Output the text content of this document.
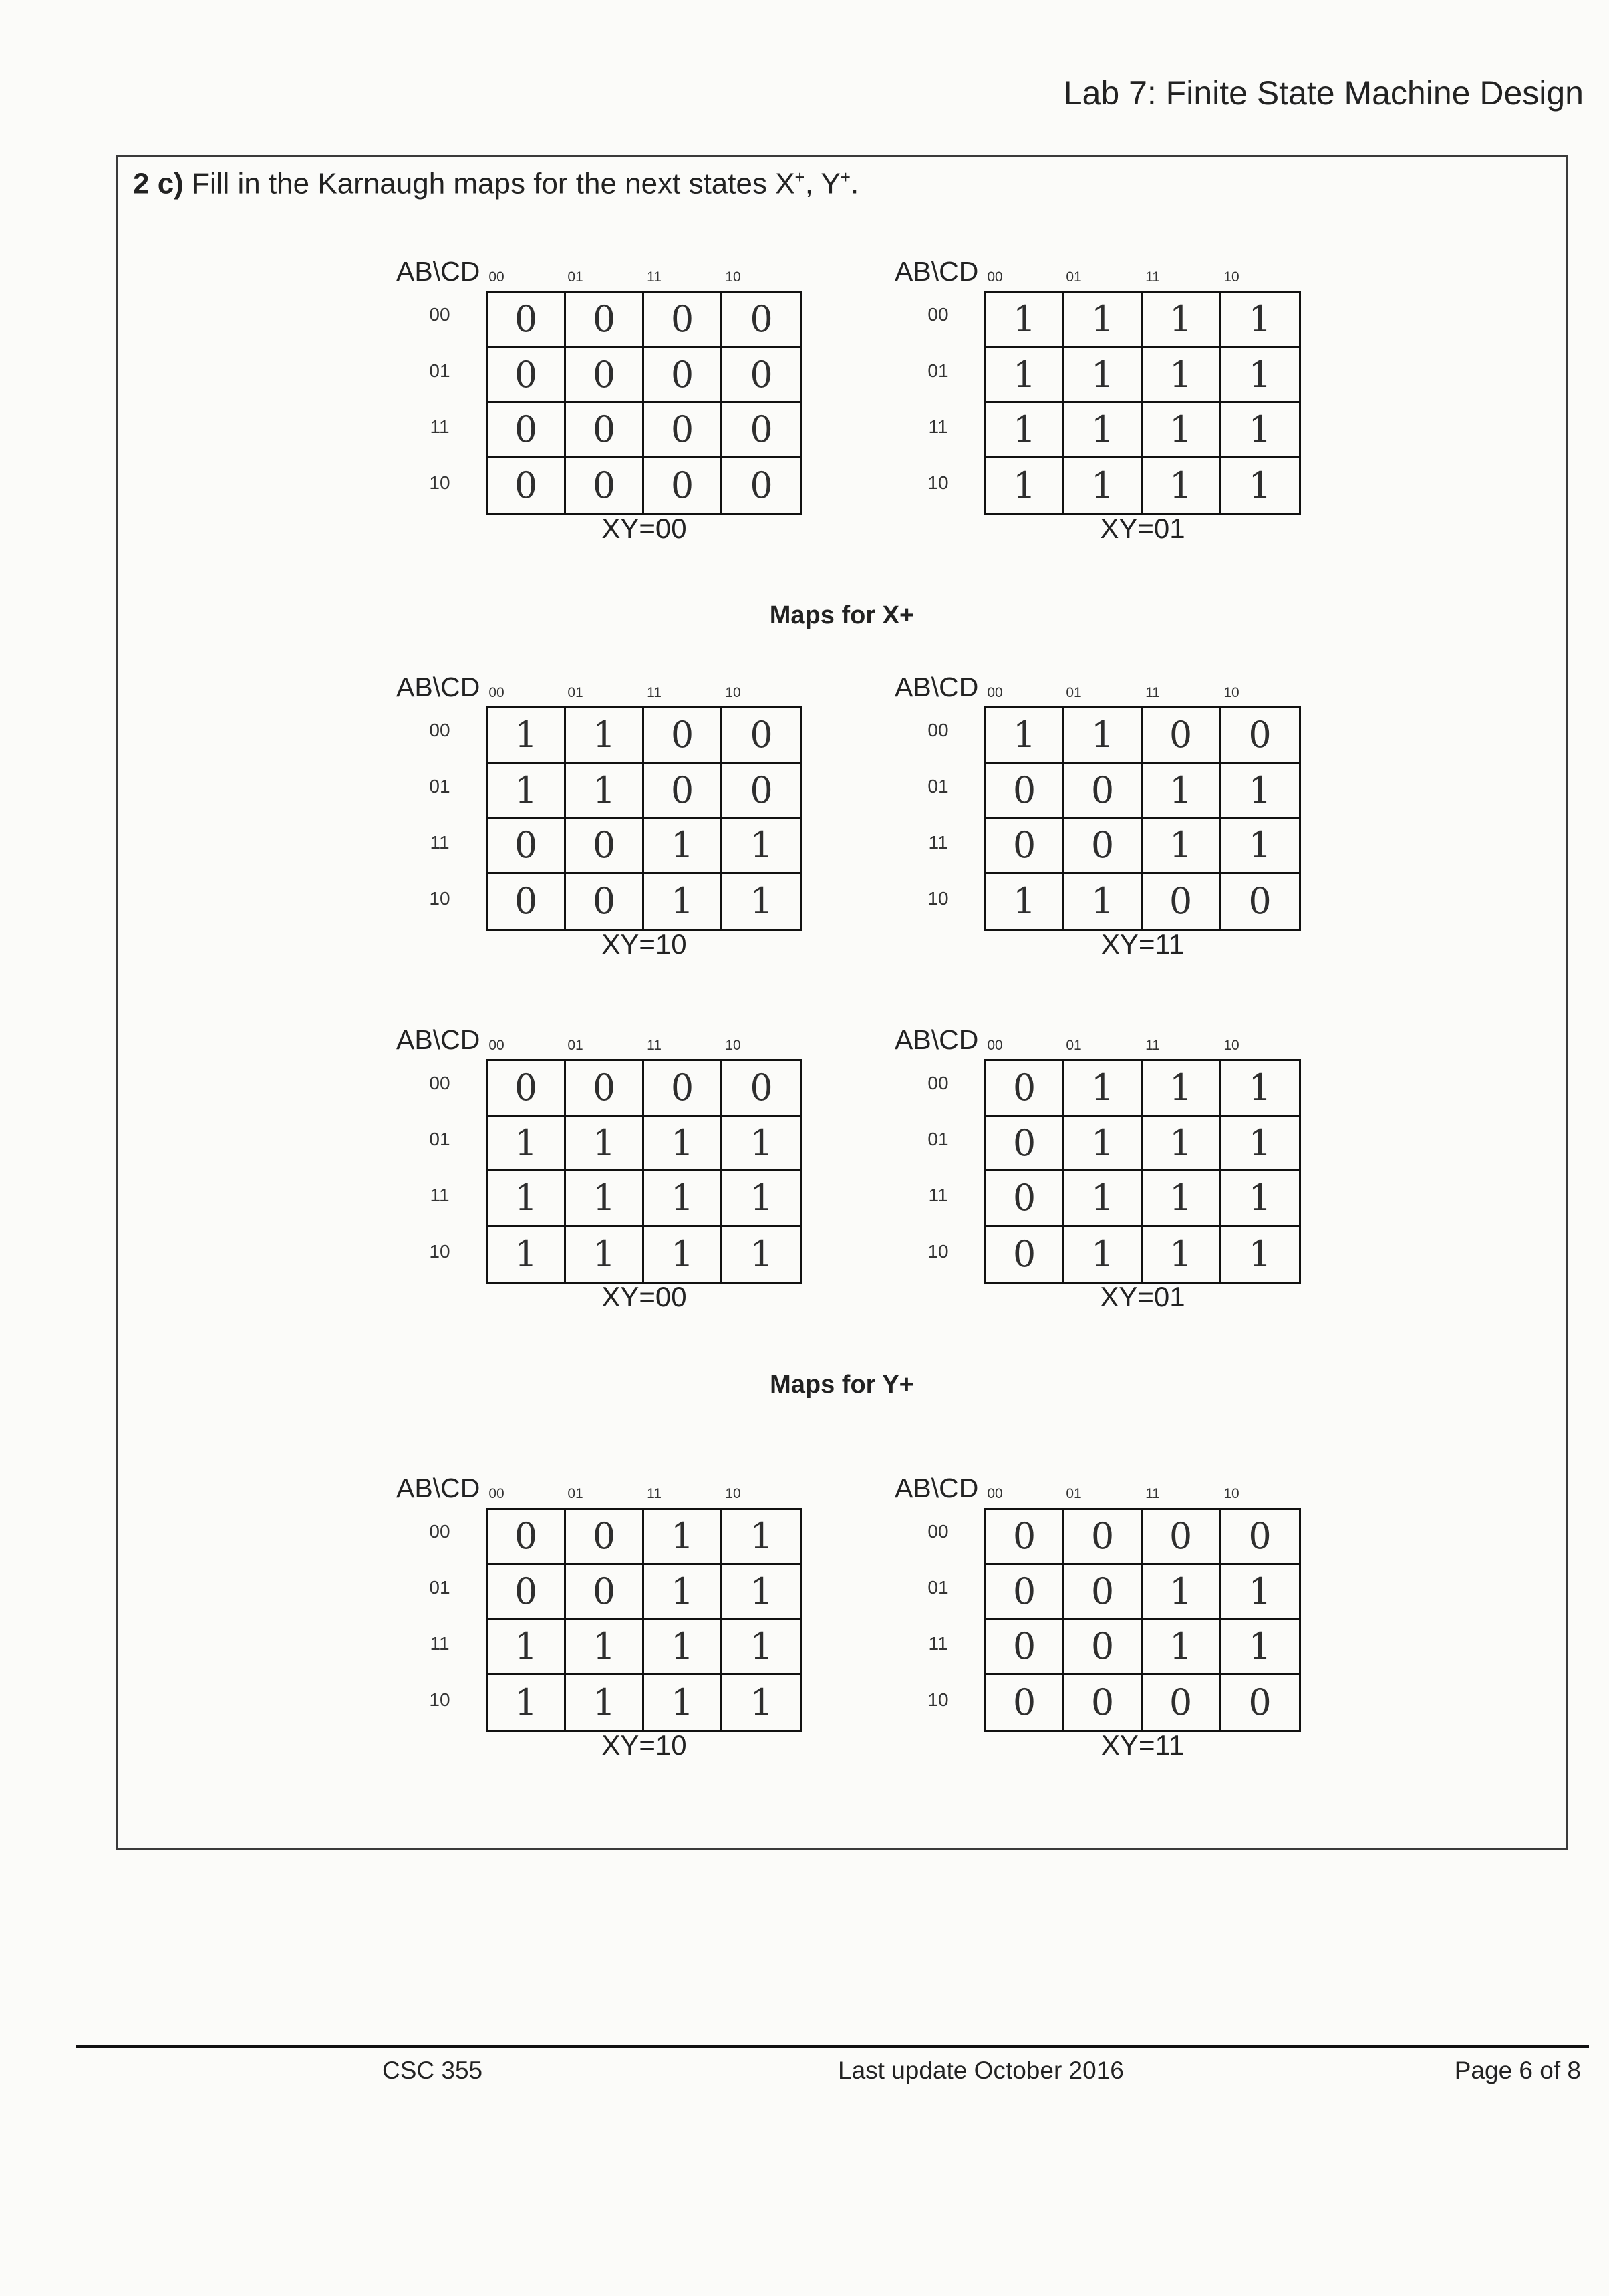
Lab 7: Finite State Machine Design
2 c) Fill in the Karnaugh maps for the next states X+, Y+.
AB\CD 00	01	11	10
00
01
11
10
0	0	0	0
0	0	0	0
0	0	0	0
0	0	0	0
XY=00
AB\CD 00	01	11	10
00
01
11
10
1	1	1	1
1	1	1	1
1	1	1	1
1	1	1	1
XY=01
Maps for X+
AB\CD 00	01	11	10
00
01
11
10
1	1	0	0
1	1	0	0
0	0	1	1
0	0	1	1
XY=10
AB\CD 00	01	11	10
00
01
11
10
1	1	0	0
0	0	1	1
0	0	1	1
1	1	0	0
XY=11
AB\CD 00	01	11	10
00
01
11
10
0	0	0	0
1	1	1	1
1	1	1	1
1	1	1	1
XY=00
AB\CD 00	01	11	10
00
01
11
10
0	1	1	1
0	1	1	1
0	1	1	1
0	1	1	1
XY=01
Maps for Y+
AB\CD 00	01	11	10
00
01
11
10
0	0	1	1
0	0	1	1
1	1	1	1
1	1	1	1
XY=10
AB\CD 00	01	11	10
00
01
11
10
0	0	0	0
0	0	1	1
0	0	1	1
0	0	0	0
XY=11
CSC 355	Last update October 2016	Page 6 of 8
